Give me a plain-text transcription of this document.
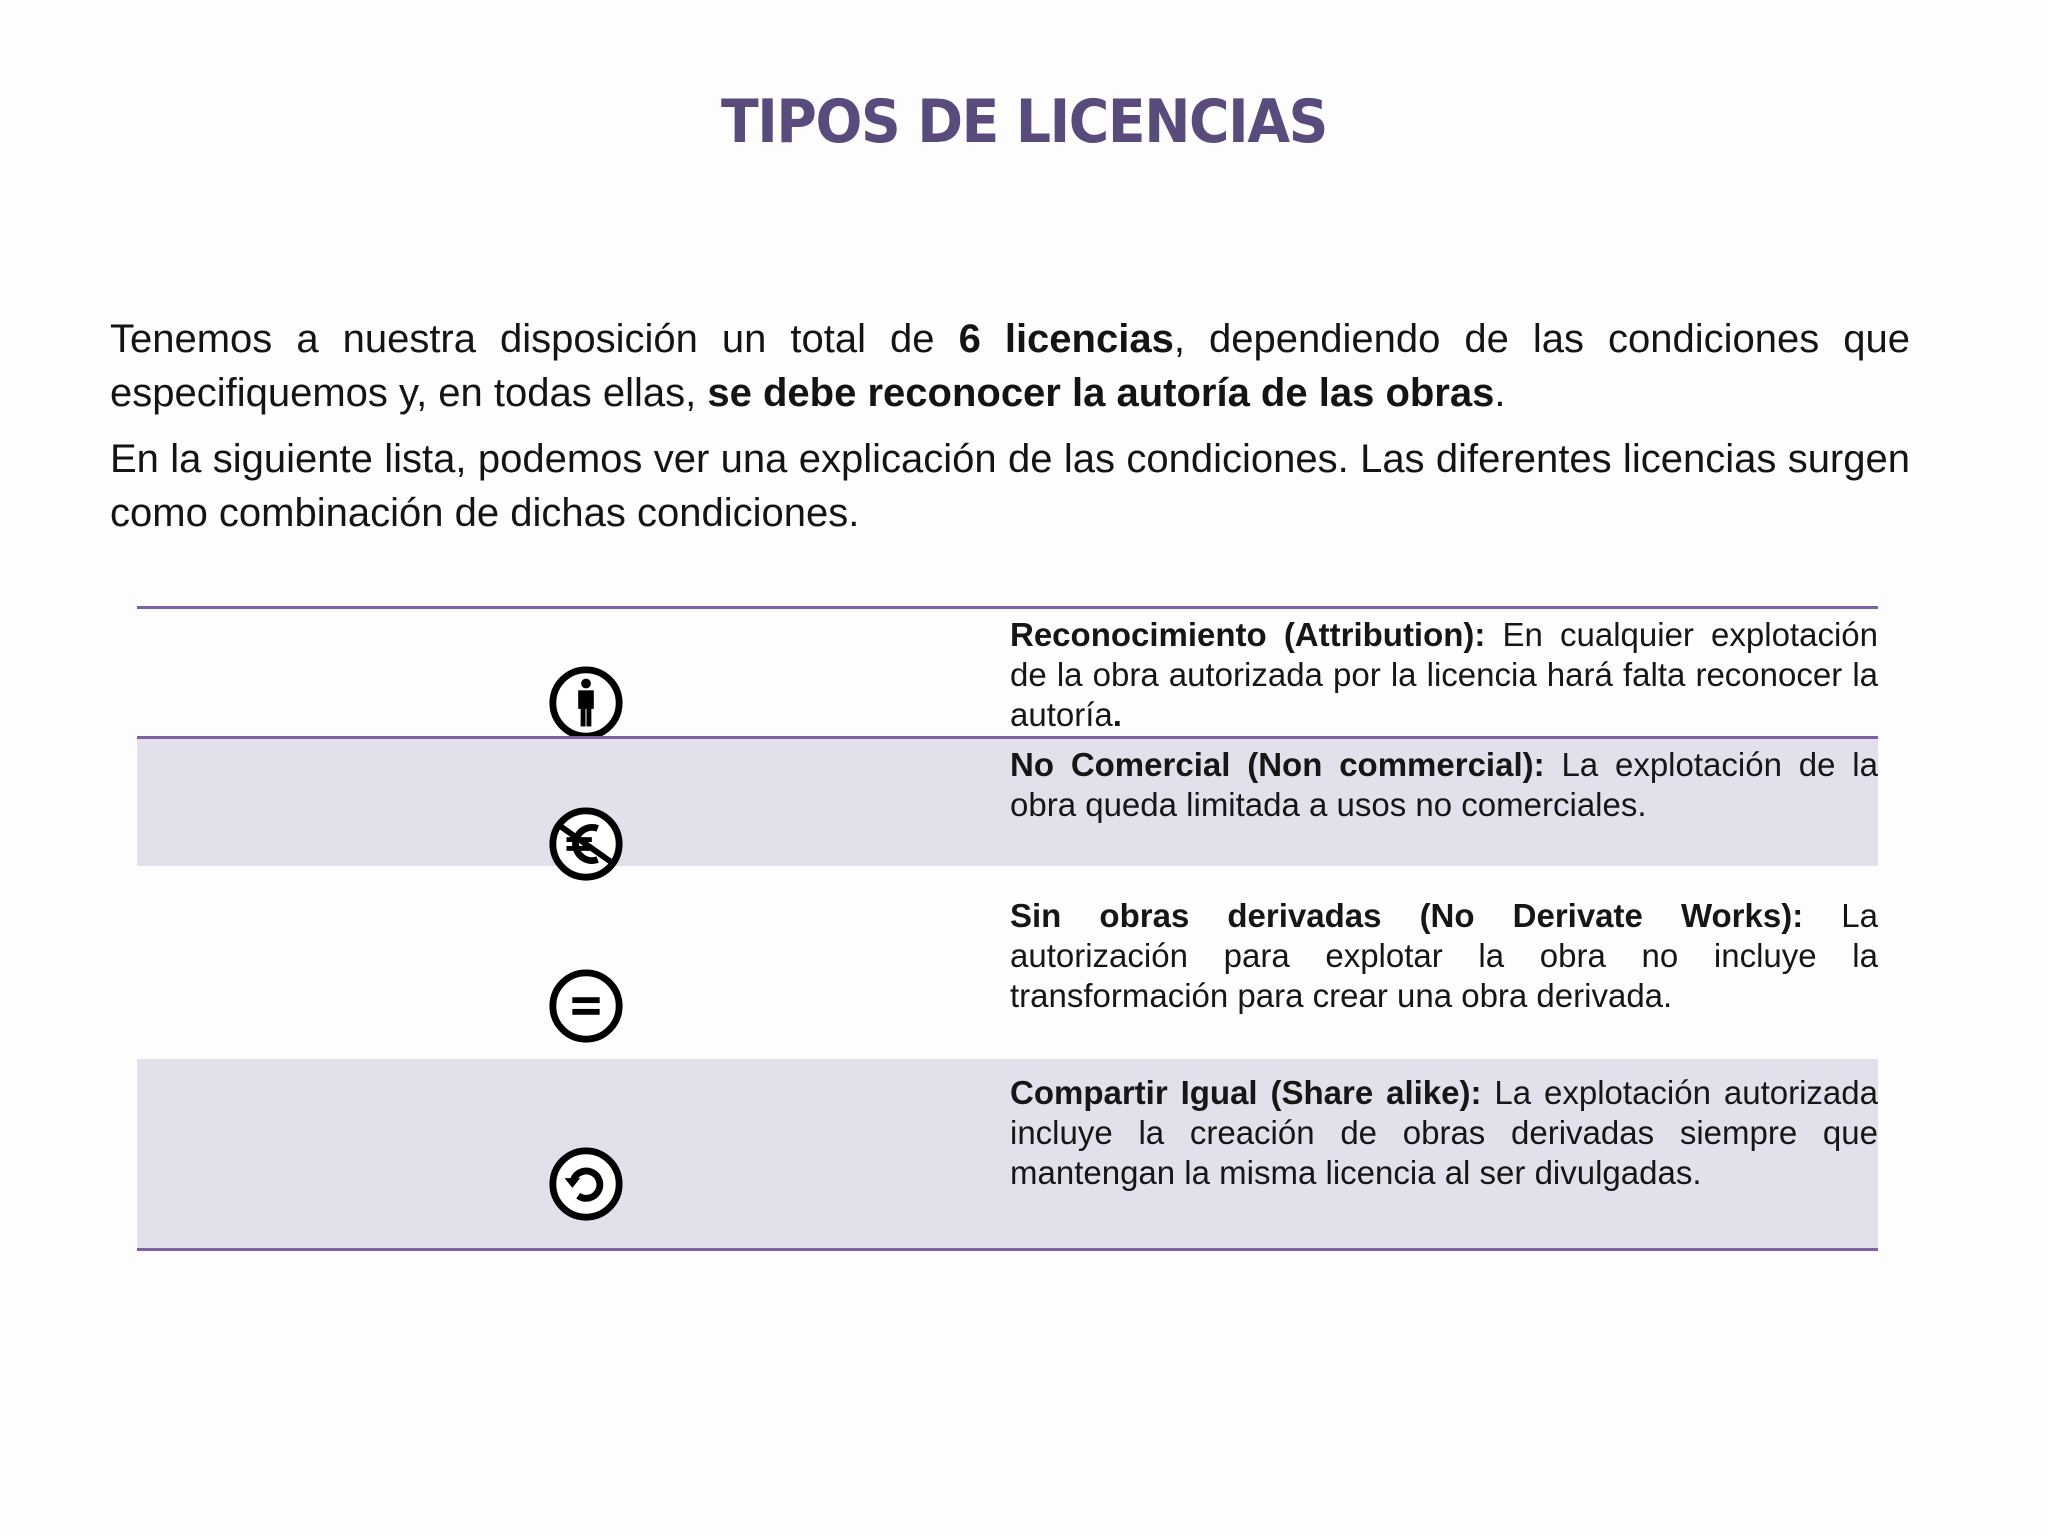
TIPOS DE LICENCIAS

Tenemos a nuestra disposición un total de 6 licencias, dependiendo de las condiciones que especifiquemos y, en todas ellas, se debe reconocer la autoría de las obras.

En la siguiente lista, podemos ver una explicación de las condiciones. Las diferentes licencias surgen como combinación de dichas condiciones.

Reconocimiento (Attribution): En cualquier explotación de la obra autorizada por la licencia hará falta reconocer la autoría.
No Comercial (Non commercial): La explotación de la obra queda limitada a usos no comerciales.
Sin obras derivadas (No Derivate Works): La autorización para explotar la obra no incluye la transformación para crear una obra derivada.
Compartir Igual (Share alike): La explotación autorizada incluye la creación de obras derivadas siempre que mantengan la misma licencia al ser divulgadas.
